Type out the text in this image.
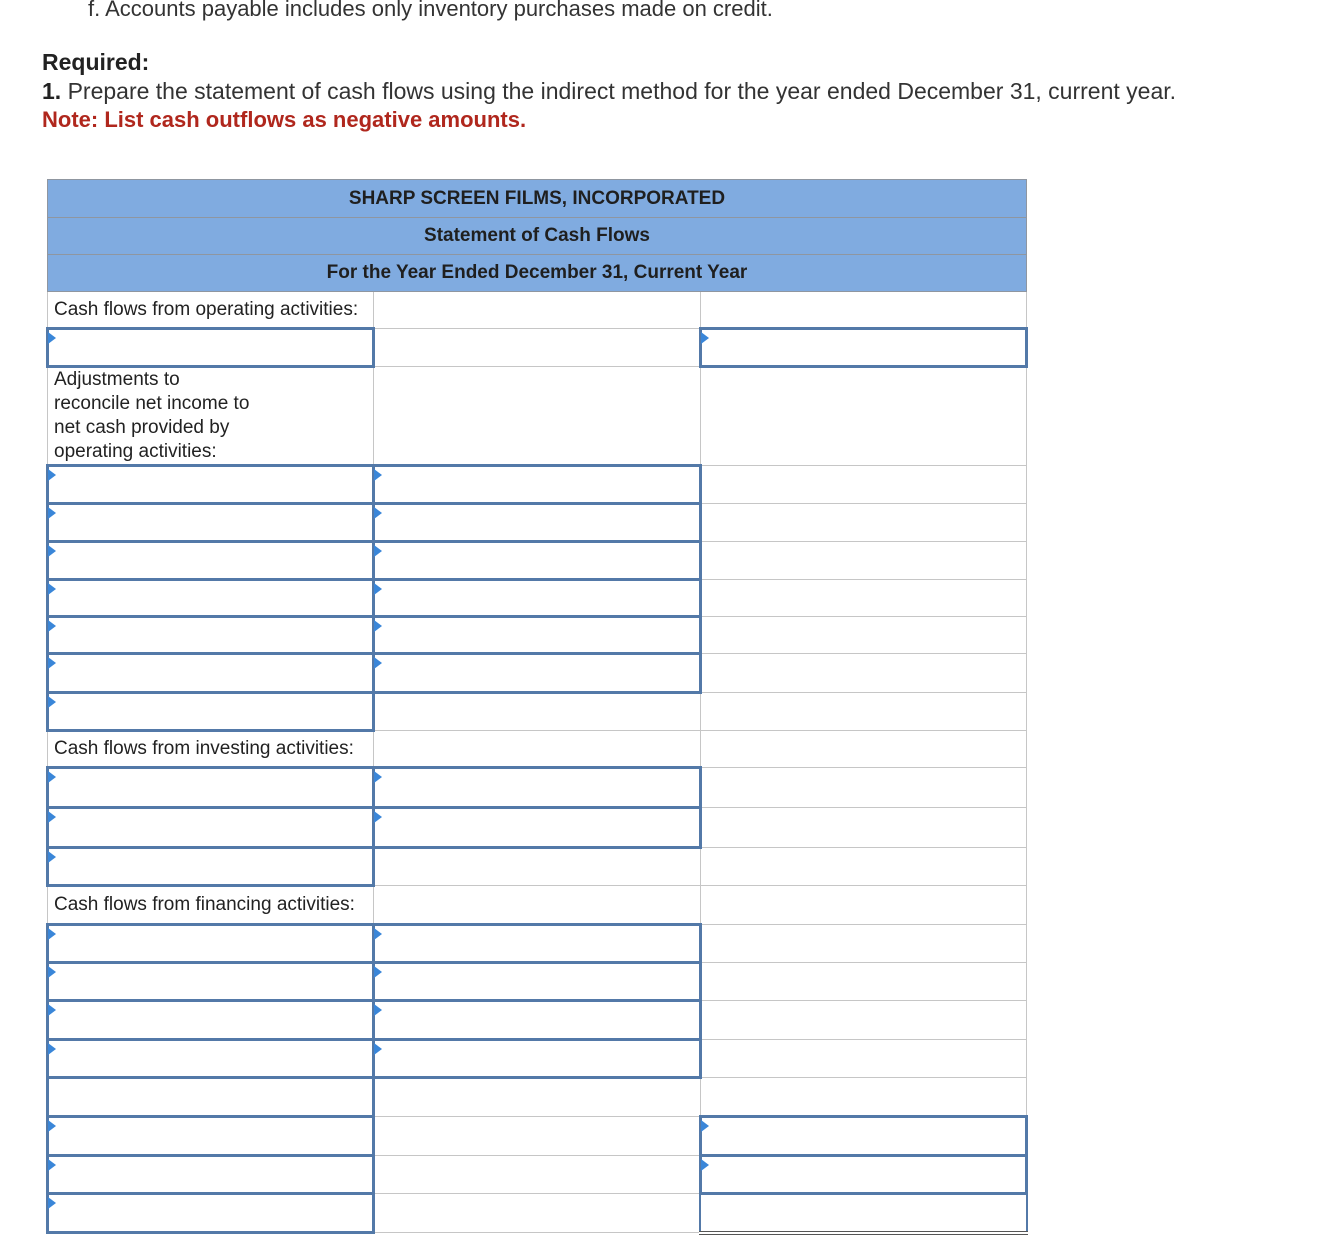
f. Accounts payable includes only inventory purchases made on credit.
Required:
1. Prepare the statement of cash flows using the indirect method for the year ended December 31, current year.
Note: List cash outflows as negative amounts.
SHARP SCREEN FILMS, INCORPORATED		
Statement of Cash Flows		
For the Year Ended December 31, Current Year		
Cash flows from operating activities:		

Adjustments to reconcile net income to net cash provided by operating activities:		

Cash flows from investing activities:		

Cash flows from financing activities:		
